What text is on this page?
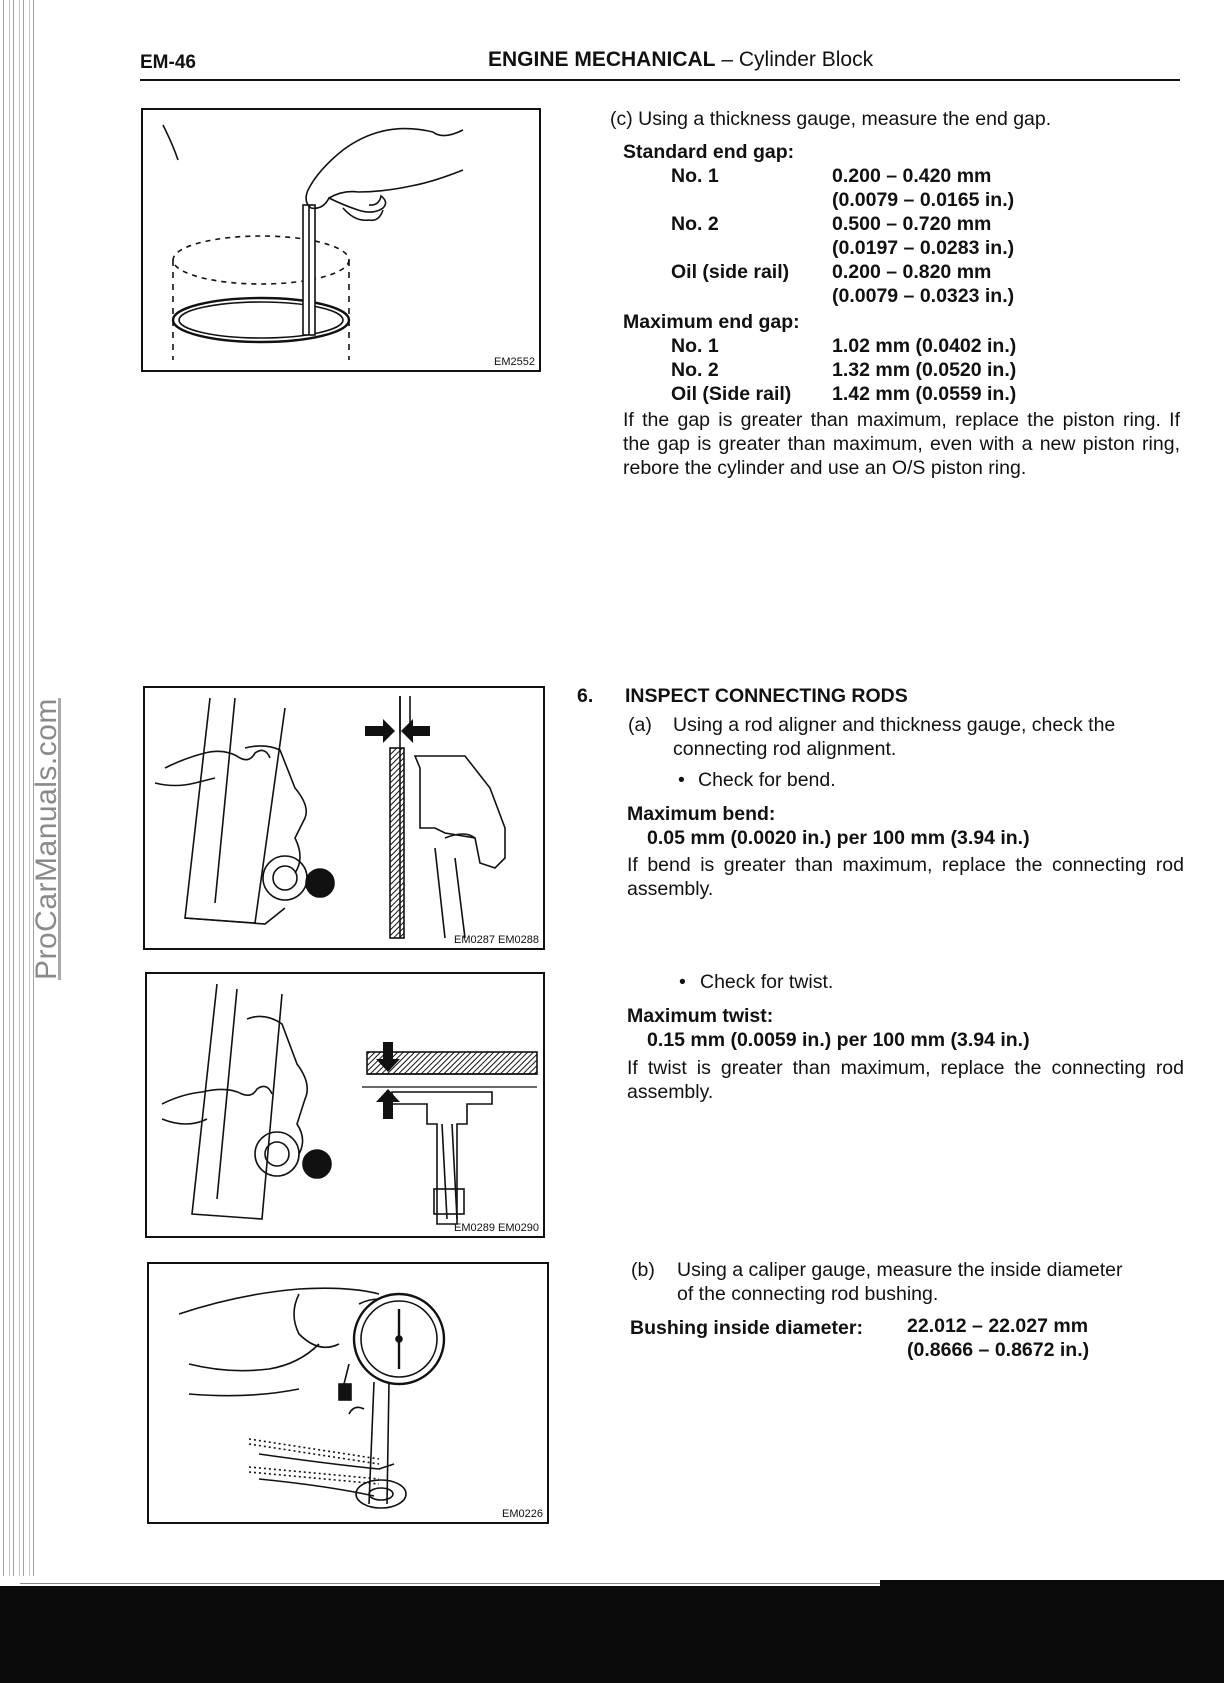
ProCarManuals.com
EM-46	ENGINE MECHANICAL – Cylinder Block
EM2552
(c) Using a thickness gauge, measure the end gap.
Standard end gap:
No. 1	0.200 – 0.420 mm
(0.0079 – 0.0165 in.)
No. 2	0.500 – 0.720 mm
(0.0197 – 0.0283 in.)
Oil (side rail) 0.200 – 0.820 mm
(0.0079 – 0.0323 in.)
Maximum end gap:
No. 1	1.02 mm (0.0402 in.)
No. 2	1.32 mm (0.0520 in.)
Oil (Side rail) 1.42 mm (0.0559 in.)
If the gap is greater than maximum, replace the piston ring. If the gap is greater than maximum, even with a new piston ring, rebore the cylinder and use an O/S piston ring.
EM0287 EM0288
6. INSPECT CONNECTING RODS
(a) Using a rod aligner and thickness gauge, check the
connecting rod alignment.
• Check for bend.
Maximum bend:
0.05 mm (0.0020 in.) per 100 mm (3.94 in.)
If bend is greater than maximum, replace the connecting rod assembly.
EM0289 EM0290
• Check for twist.
Maximum twist:
0.15 mm (0.0059 in.) per 100 mm (3.94 in.)
If twist is greater than maximum, replace the connecting rod assembly.
EM0226
(b) Using a caliper gauge, measure the inside diameter
of the connecting rod bushing.
Bushing inside diameter: 22.012 – 22.027 mm
(0.8666 – 0.8672 in.)
